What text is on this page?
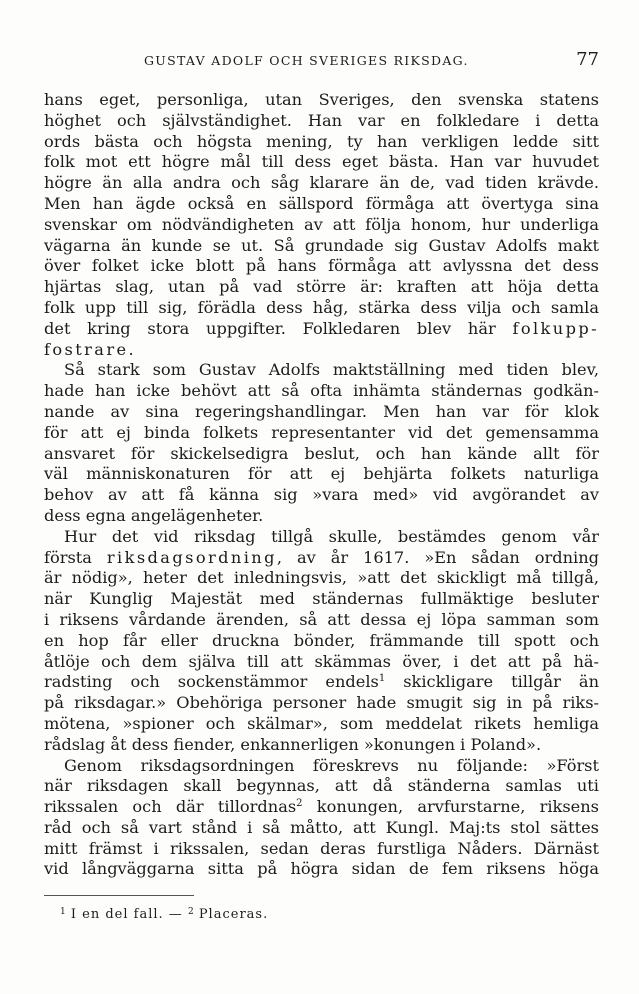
GUSTAV ADOLF OCH SVERIGES RIKSDAG.	77
hans eget, personliga, utan Sveriges, den svenska statens
höghet och självständighet. Han var en folkledare i detta
ords bästa och högsta mening, ty han verkligen ledde sitt
folk mot ett högre mål till dess eget bästa. Han var huvudet
högre än alla andra och såg klarare än de, vad tiden krävde.
Men han ägde också en sällspord förmåga att övertyga sina
svenskar om nödvändigheten av att följa honom, hur underliga
vägarna än kunde se ut. Så grundade sig Gustav Adolfs makt
över folket icke blott på hans förmåga att avlyssna det dess
hjärtas slag, utan på vad större är: kraften att höja detta
folk upp till sig, förädla dess håg, stärka dess vilja och samla
det kring stora uppgifter. Folkledaren blev här folkupp-
fostrare.
Så stark som Gustav Adolfs maktställning med tiden blev,
hade han icke behövt att så ofta inhämta ständernas godkän-
nande av sina regeringshandlingar. Men han var för klok
för att ej binda folkets representanter vid det gemensamma
ansvaret för skickelsedigra beslut, och han kände allt för
väl människonaturen för att ej behjärta folkets naturliga
behov av att få känna sig »vara med» vid avgörandet av
dess egna angelägenheter.
Hur det vid riksdag tillgå skulle, bestämdes genom vår
första riksdagsordning, av år 1617. »En sådan ordning
är nödig», heter det inledningsvis, »att det skickligt må tillgå,
när Kunglig Majestät med ständernas fullmäktige besluter
i riksens vårdande ärenden, så att dessa ej löpa samman som
en hop får eller druckna bönder, främmande till spott och
åtlöje och dem själva till att skämmas över, i det att på hä-
radsting och sockenstämmor endels$^1$ skickligare tillgår än
på riksdagar.» Obehöriga personer hade smugit sig in på riks-
mötena, »spioner och skälmar», som meddelat rikets hemliga
rådslag åt dess fiender, enkannerligen »konungen i Poland».
Genom riksdagsordningen föreskrevs nu följande: »Först
när riksdagen skall begynnas, att då ständerna samlas uti
rikssalen och där tillordnas$^2$ konungen, arvfurstarne, riksens
råd och så vart stånd i så måtto, att Kungl. Maj:ts stol sättes
mitt främst i rikssalen, sedan deras furstliga Nåders. Därnäst
vid långväggarna sitta på högra sidan de fem riksens höga
$^1$ I en del fall. — $^2$ Placeras.
